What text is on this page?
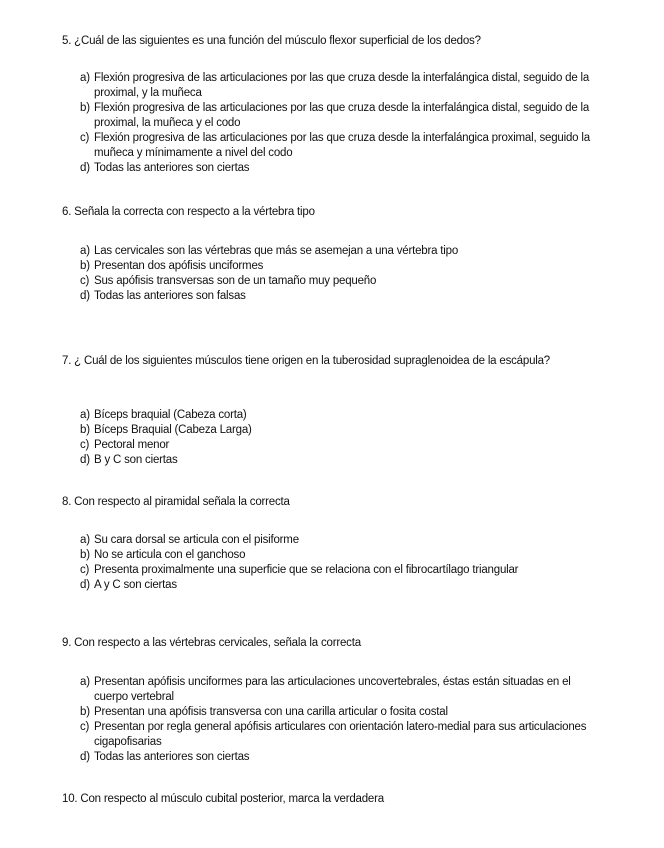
5. ¿Cuál de las siguientes es una función del músculo flexor superficial de los dedos?
a) Flexión progresiva de las articulaciones por las que cruza desde la interfalángica distal, seguido de la proximal, y la muñeca
b) Flexión progresiva de las articulaciones por las que cruza desde la interfalángica distal, seguido de la proximal, la muñeca y el codo
c) Flexión progresiva de las articulaciones por las que cruza desde la interfalángica proximal, seguido la muñeca y mínimamente a nivel del codo
d) Todas las anteriores son ciertas
6. Señala la correcta con respecto a la vértebra tipo
a) Las cervicales son las vértebras que más se asemejan a una vértebra tipo
b) Presentan dos apófisis unciformes
c) Sus apófisis transversas son de un tamaño muy pequeño
d) Todas las anteriores son falsas
7. ¿ Cuál de los siguientes músculos tiene origen en la tuberosidad supraglenoidea de la escápula?
a) Bíceps braquial (Cabeza corta)
b) Bíceps Braquial (Cabeza Larga)
c) Pectoral menor
d) B y C son ciertas
8. Con respecto al piramidal señala la correcta
a) Su cara dorsal se articula con el pisiforme
b) No se articula con el ganchoso
c) Presenta proximalmente una superficie que se relaciona con el fibrocartílago triangular
d) A y C son ciertas
9. Con respecto a las vértebras cervicales, señala la correcta
a) Presentan apófisis unciformes para las articulaciones uncovertebrales, éstas están situadas en el cuerpo vertebral
b) Presentan una apófisis transversa con una carilla articular o fosita costal
c) Presentan por regla general apófisis articulares con orientación latero-medial para sus articulaciones cigapofisarias
d) Todas las anteriores son ciertas
10. Con respecto al músculo cubital posterior, marca la verdadera
